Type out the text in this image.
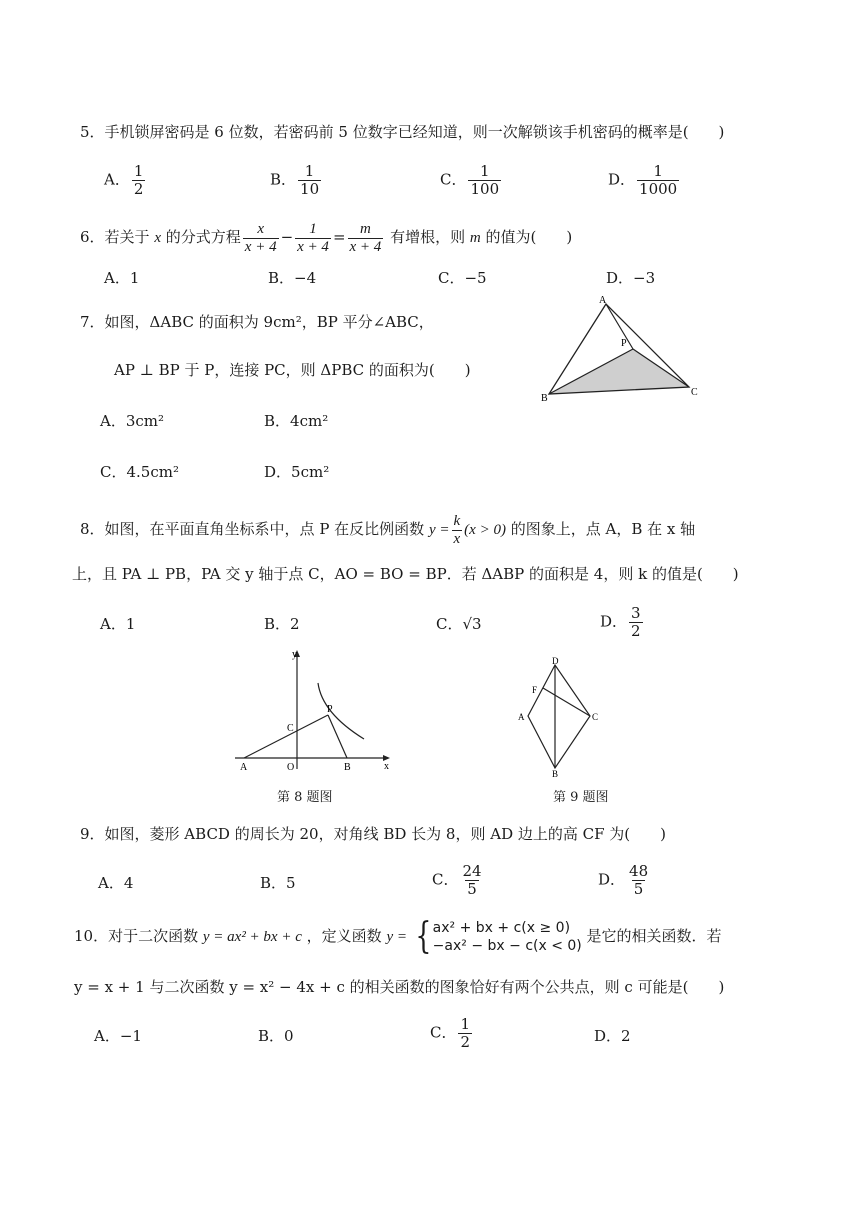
5．手机锁屏密码是 6 位数，若密码前 5 位数字已经知道，则一次解锁该手机密码的概率是(　　)
A． $\frac{1}{2}$	B． $\frac{1}{10}$	C． $\frac{1}{100}$	D． $\frac{1}{1000}$
6．若关于 x 的分式方程 $\frac{x}{x + 4} - \frac{1}{x + 4} = \frac{m}{x + 4}$ 有增根，则 m 的值为(　　)
A．1	B．−4	C．−5	D．−3
7．如图，ΔABC 的面积为 9cm²，BP 平分∠ABC，
AP ⊥ BP 于 P，连接 PC，则 ΔPBC 的面积为(　　)
A．3cm²	B．4cm²
C．4.5cm²	D．5cm²
A
P
B
C
8．如图，在平面直角坐标系中，点 P 在反比例函数 $y = \frac{k}{x} (x > 0)$ 的图象上，点 A，B 在 x 轴
上，且 PA ⊥ PB，PA 交 y 轴于点 C，AO = BO = BP．若 ΔABP 的面积是 4，则 k 的值是(　　)
A．1	B．2	C．√3	D． $\frac{3}{2}$
y
x
A	O	B
C
P
第 8 题图
D
F
A	C
B
第 9 题图
9．如图，菱形 ABCD 的周长为 20，对角线 BD 长为 8，则 AD 边上的高 CF 为(　　)
A．4	B．5	C． $\frac{24}{5}$	D． $\frac{48}{5}$
10．对于二次函数 y = ax² + bx + c ，定义函数 y = { ax² + bx + c(x ≥ 0)
−ax² − bx − c(x < 0)
是它的相关函数．若
y = x + 1 与二次函数 y = x² − 4x + c 的相关函数的图象恰好有两个公共点，则 c 可能是(　　)
A．−1	B．0	C． $\frac{1}{2}$	D．2
